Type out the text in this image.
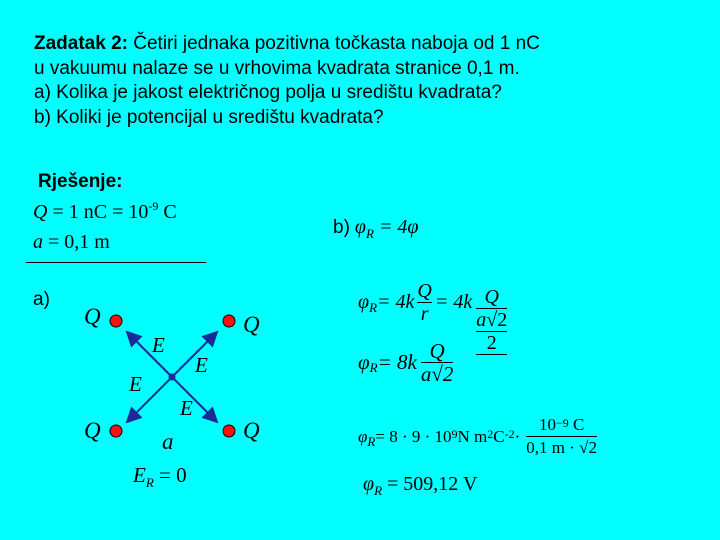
Zadatak 2: Četiri jednaka pozitivna točkasta naboja od 1 nC
u vakuumu nalaze se u vrhovima kvadrata stranice 0,1 m.
a) Kolika je jakost električnog polja u središtu kvadrata?
b) Koliki je potencijal u središtu kvadrata?
Rješenje:
Q = 1 nC = $10^{-9}$ C
a = 0,1 m
a)
Q	Q
Q	Q
E
E
E
E
a
$E_R = 0$
b) $\varphi_R = 4\varphi$
φ $R = 4k \frac{Q}{r} = 4k \frac{Q}{\frac{a√2}{2}}$
φ $R = 8k \frac{Q}{a√2}$
φ $R = 8 \cdot 9 \cdot 10^9$ N $m^2$ $C^{-2} \cdot \frac{10^{-9} C}{0,1 m \cdot √2}$
$\varphi_R = 509,12$ V
